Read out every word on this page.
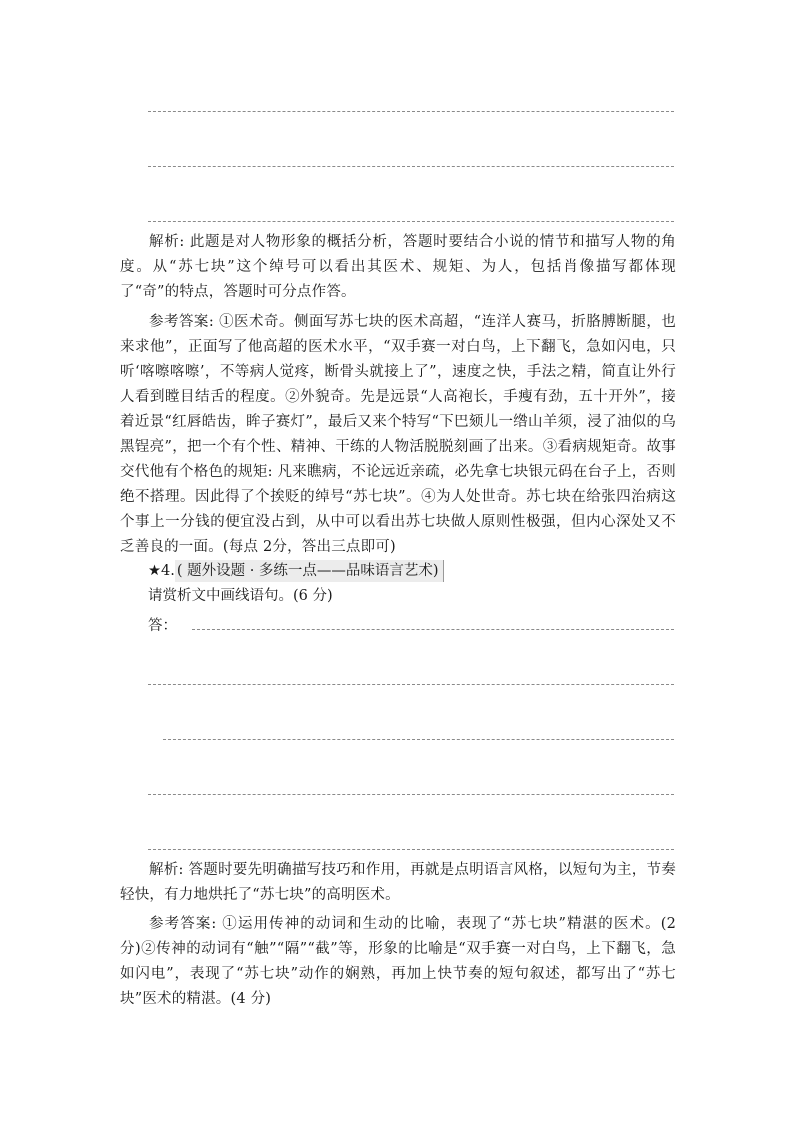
解析: 此题是对人物形象的概括分析，答题时要结合小说的情节和描写人物的角度。从“苏七块”这个绰号可以看出其医术、规矩、为人，包括肖像描写都体现了“奇”的特点，答题时可分点作答。

参考答案: ①医术奇。侧面写苏七块的医术高超，“连洋人赛马，折胳膊断腿，也来求他”，正面写了他高超的医术水平，“双手赛一对白鸟，上下翻飞，急如闪电，只听‘喀嚓喀嚓’，不等病人觉疼，断骨头就接上了”，速度之快，手法之精，简直让外行人看到瞠目结舌的程度。②外貌奇。先是远景“人高袍长，手瘦有劲，五十开外”，接着近景“红唇皓齿，眸子赛灯”，最后又来个特写“下巴颏儿一绺山羊须，浸了油似的乌黑锃亮”，把一个有个性、精神、干练的人物活脱脱刻画了出来。③看病规矩奇。故事交代他有个格色的规矩: 凡来瞧病，不论远近亲疏，必先拿七块银元码在台子上，否则绝不搭理。因此得了个挨贬的绰号“苏七块”。④为人处世奇。苏七块在给张四治病这个事上一分钱的便宜没占到，从中可以看出苏七块做人原则性极强，但内心深处又不乏善良的一面。(每点 2分，答出三点即可)

★4. ( 题外设题 · 多练一点——品味语言艺术)
请赏析文中画线语句。(6 分)
答：

解析: 答题时要先明确描写技巧和作用，再就是点明语言风格，以短句为主，节奏轻快，有力地烘托了“苏七块”的高明医术。

参考答案: ①运用传神的动词和生动的比喻，表现了“苏七块”精湛的医术。(2 分)②传神的动词有“触”“隔”“截”等，形象的比喻是“双手赛一对白鸟，上下翻飞，急如闪电”，表现了“苏七块”动作的娴熟，再加上快节奏的短句叙述，都写出了“苏七块”医术的精湛。(4 分)
